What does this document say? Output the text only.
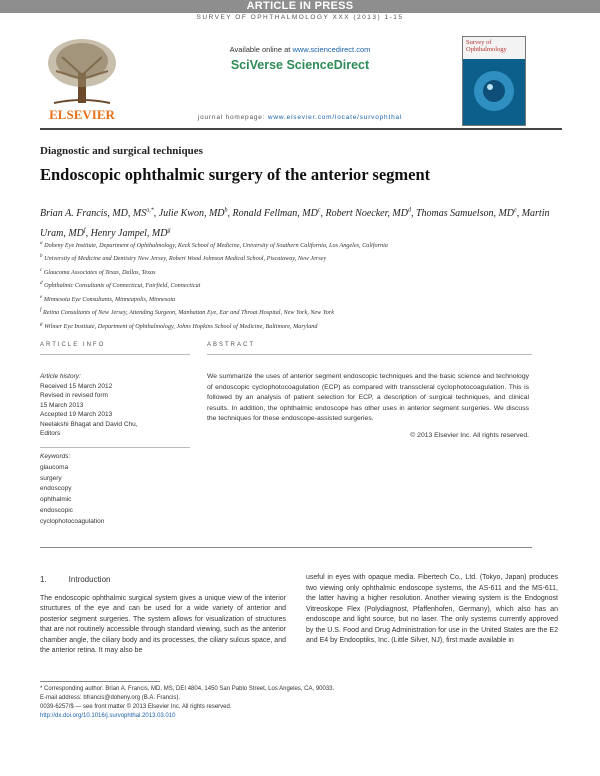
ARTICLE IN PRESS
SURVEY OF OPHTHALMOLOGY XXX (2013) 1-15
ELSEVIER
Available online at www.sciencedirect.com
SciVerse ScienceDirect
journal homepage: www.elsevier.com/locate/survophthal
Survey of Ophthalmology
Diagnostic and surgical techniques
Endoscopic ophthalmic surgery of the anterior segment
Brian A. Francis, MD, $MS^{a,*}$, Julie Kwon, $MD^b$, Ronald Fellman, $MD^c$, Robert Noecker, $MD^d$, Thomas Samuelson, MDe, Martin Uram, $MD^f$, Henry Jampel, $MD^g$
$^a$ Doheny Eye Institute, Department of Ophthalmology, Keck School of Medicine, University of Southern California, Los Angeles, California
$^b$ University of Medicine and Dentistry New Jersey, Robert Wood Johnson Medical School, Piscataway, New Jersey
$^c$ Glaucoma Associates of Texas, Dallas, Texas
$^d$ Ophthalmic Consultants of Connecticut, Fairfield, Connecticut
$^e$ Minnesota Eye Consultants, Minneapolis, Minnesota
$^f$ Retina Consultants of New Jersey, Attending Surgeon, Manhattan Eye, Ear and Throat Hospital, New York, New York
$^g$ Wilmer Eye Institute, Department of Ophthalmology, Johns Hopkins School of Medicine, Baltimore, Maryland
ARTICLE INFO	ABSTRACT
Article history:
Received 15 March 2012
Revised in revised form
15 March 2013
Accepted 19 March 2013
Neelakshi Bhagat and David Chu,
Editors
Keywords:
glaucoma
surgery
endoscopy
ophthalmic
endoscopic
cyclophotocoagulation
We summarize the uses of anterior segment endoscopic techniques and the basic science and technology of endoscopic cyclophotocoagulation (ECP) as compared with transscleral cyclophotocoagulation. This is followed by an analysis of patient selection for ECP, a description of surgical techniques, and clinical results. In addition, the ophthalmic endoscope has other uses in anterior segment surgeries. We discuss the techniques for these endoscope-assisted surgeries.
© 2013 Elsevier Inc. All rights reserved.
1.	Introduction
The endoscopic ophthalmic surgical system gives a unique view of the interior structures of the eye and can be used for a wide variety of anterior and posterior segment surgeries. The system allows for visualization of structures that are not routinely accessible through standard viewing, such as the anterior chamber angle, the ciliary body and its processes, the ciliary sulcus space, and the anterior retina. It may also be
useful in eyes with opaque media. Fibertech Co., Ltd. (Tokyo, Japan) produces two viewing only ophthalmic endoscope systems, the AS-611 and the MS-611, the latter having a higher resolution. Another viewing system is the Endognost Vitreoskope Flex (Polydiagnost, Pfaffenhofen, Germany), which also has an endoscope and light source, but no laser. The only systems currently approved by the U.S. Food and Drug Administration for use in the United States are the E2 and E4 by Endooptiks, Inc. (Little Silver, NJ), first made available in
* Corresponding author: Brian A. Francis, MD, MS, DEI 4804, 1450 San Pablo Street, Los Angeles, CA, 90033.
E-mail address: bfrancis@doheny.org (B.A. Francis).
0039-6257/$ — see front matter © 2013 Elsevier Inc. All rights reserved.
http://dx.doi.org/10.1016/j.survophthal.2013.03.010
